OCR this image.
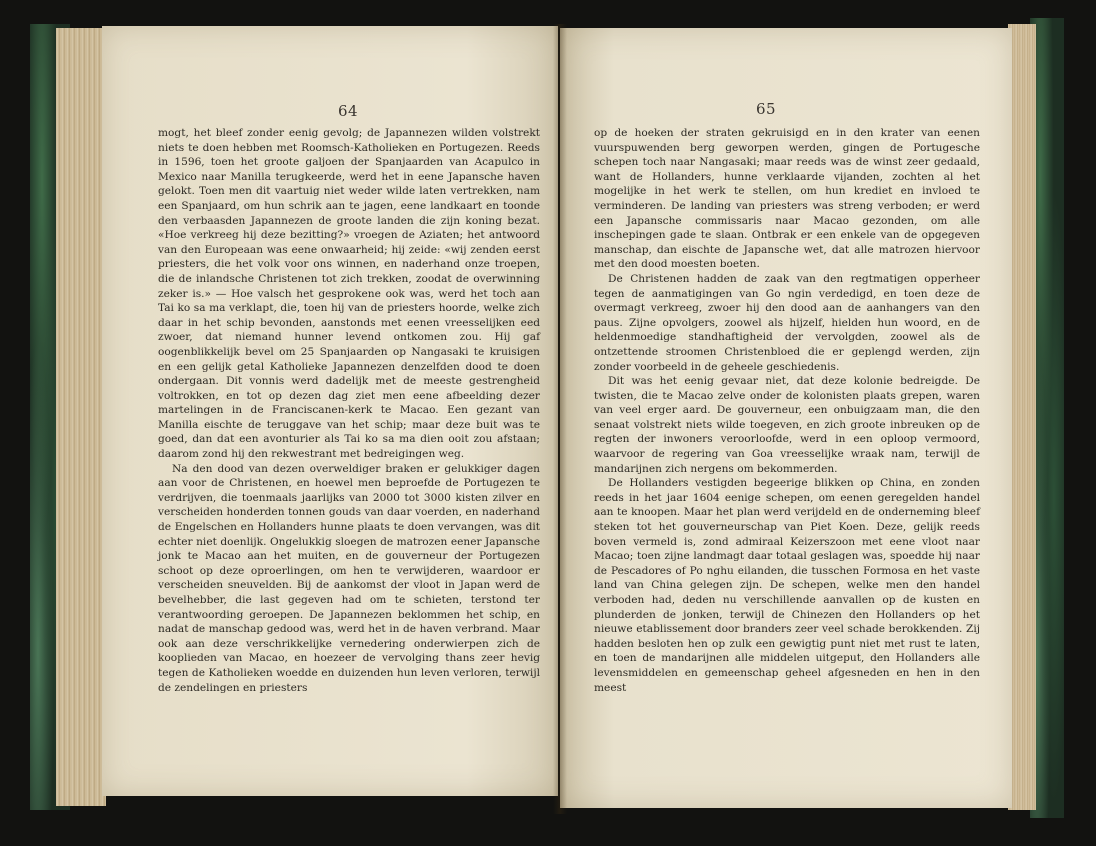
64

mogt, het bleef zonder eenig gevolg; de Japannezen wilden volstrekt niets te doen hebben met Roomsch-Katholieken en Portugezen. Reeds in 1596, toen het groote galjoen der Spanjaarden van Acapulco in Mexico naar Manilla terugkeerde, werd het in eene Japansche haven gelokt. Toen men dit vaartuig niet weder wilde laten vertrekken, nam een Spanjaard, om hun schrik aan te jagen, eene landkaart en toonde den verbaasden Japannezen de groote landen die zijn koning bezat. «Hoe verkreeg hij deze bezitting?» vroegen de Aziaten; het antwoord van den Europeaan was eene onwaarheid; hij zeide: «wij zenden eerst priesters, die het volk voor ons winnen, en naderhand onze troepen, die de inlandsche Christenen tot zich trekken, zoodat de overwinning zeker is.» — Hoe valsch het gesprokene ook was, werd het toch aan Tai ko sa ma verklapt, die, toen hij van de priesters hoorde, welke zich daar in het schip bevonden, aanstonds met eenen vreesselijken eed zwoer, dat niemand hunner levend ontkomen zou. Hij gaf oogenblikkelijk bevel om 25 Spanjaarden op Nangasaki te kruisigen en een gelijk getal Katholieke Japannezen denzelfden dood te doen ondergaan. Dit vonnis werd dadelijk met de meeste gestrengheid voltrokken, en tot op dezen dag ziet men eene afbeelding dezer martelingen in de Franciscanen-kerk te Macao. Een gezant van Manilla eischte de teruggave van het schip; maar deze buit was te goed, dan dat een avonturier als Tai ko sa ma dien ooit zou afstaan; daarom zond hij den rekwestrant met bedreigingen weg.

Na den dood van dezen overweldiger braken er gelukkiger dagen aan voor de Christenen, en hoewel men beproefde de Portugezen te verdrijven, die toenmaals jaarlijks van 2000 tot 3000 kisten zilver en verscheiden honderden tonnen gouds van daar voerden, en naderhand de Engelschen en Hollanders hunne plaats te doen vervangen, was dit echter niet doenlijk. Ongelukkig sloegen de matrozen eener Japansche jonk te Macao aan het muiten, en de gouverneur der Portugezen schoot op deze oproerlingen, om hen te verwijderen, waardoor er verscheiden sneuvelden. Bij de aankomst der vloot in Japan werd de bevelhebber, die last gegeven had om te schieten, terstond ter verantwoording geroepen. De Japannezen beklommen het schip, en nadat de manschap gedood was, werd het in de haven verbrand. Maar ook aan deze verschrikkelijke vernedering onderwierpen zich de kooplieden van Macao, en hoezeer de vervolging thans zeer hevig tegen de Katholieken woedde en duizenden hun leven verloren, terwijl de zendelingen en priesters

65

op de hoeken der straten gekruisigd en in den krater van eenen vuurspuwenden berg geworpen werden, gingen de Portugesche schepen toch naar Nangasaki; maar reeds was de winst zeer gedaald, want de Hollanders, hunne verklaarde vijanden, zochten al het mogelijke in het werk te stellen, om hun krediet en invloed te verminderen. De landing van priesters was streng verboden; er werd een Japansche commissaris naar Macao gezonden, om alle inschepingen gade te slaan. Ontbrak er een enkele van de opgegeven manschap, dan eischte de Japansche wet, dat alle matrozen hiervoor met den dood moesten boeten.

De Christenen hadden de zaak van den regtmatigen opperheer tegen de aanmatigingen van Go ngin verdedigd, en toen deze de overmagt verkreeg, zwoer hij den dood aan de aanhangers van den paus. Zijne opvolgers, zoowel als hijzelf, hielden hun woord, en de heldenmoedige standhaftigheid der vervolgden, zoowel als de ontzettende stroomen Christenbloed die er geplengd werden, zijn zonder voorbeeld in de geheele geschiedenis.

Dit was het eenig gevaar niet, dat deze kolonie bedreigde. De twisten, die te Macao zelve onder de kolonisten plaats grepen, waren van veel erger aard. De gouverneur, een onbuigzaam man, die den senaat volstrekt niets wilde toegeven, en zich groote inbreuken op de regten der inwoners veroorloofde, werd in een oploop vermoord, waarvoor de regering van Goa vreesselijke wraak nam, terwijl de mandarijnen zich nergens om bekommerden.

De Hollanders vestigden begeerige blikken op China, en zonden reeds in het jaar 1604 eenige schepen, om eenen geregelden handel aan te knoopen. Maar het plan werd verijdeld en de onderneming bleef steken tot het gouverneurschap van Piet Koen. Deze, gelijk reeds boven vermeld is, zond admiraal Keizerszoon met eene vloot naar Macao; toen zijne landmagt daar totaal geslagen was, spoedde hij naar de Pescadores of Po nghu eilanden, die tusschen Formosa en het vaste land van China gelegen zijn. De schepen, welke men den handel verboden had, deden nu verschillende aanvallen op de kusten en plunderden de jonken, terwijl de Chinezen den Hollanders op het nieuwe etablissement door branders zeer veel schade berokkenden. Zij hadden besloten hen op zulk een gewigtig punt niet met rust te laten, en toen de mandarijnen alle middelen uitgeput, den Hollanders alle levensmiddelen en gemeenschap geheel afgesneden en hen in den meest
